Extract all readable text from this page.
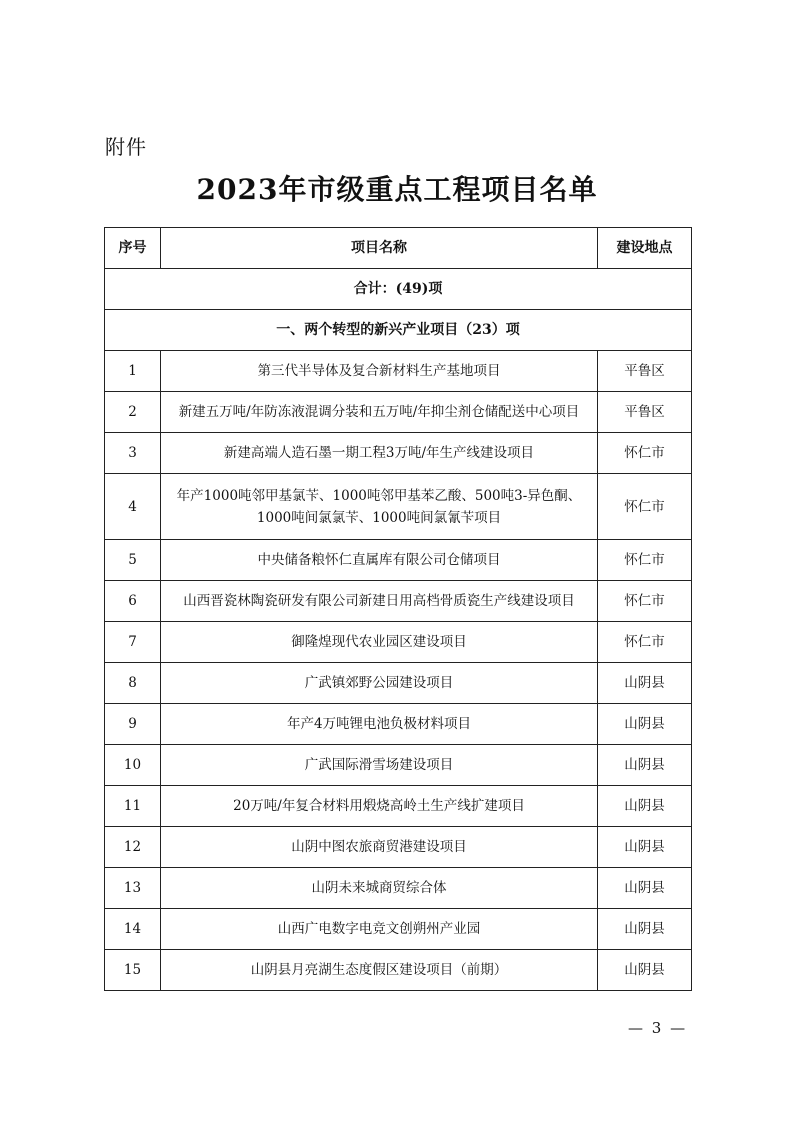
附件
2023年市级重点工程项目名单
序号	项目名称	建设地点
合计：(49)项		
一、两个转型的新兴产业项目（23）项		
1	第三代半导体及复合新材料生产基地项目	平鲁区
2	新建五万吨/年防冻液混调分装和五万吨/年抑尘剂仓储配送中心项目	平鲁区
3	新建高端人造石墨一期工程3万吨/年生产线建设项目	怀仁市
4	年产1000吨邻甲基氯苄、1000吨邻甲基苯乙酸、500吨3-异色酮、1000吨间氯氯苄、1000吨间氯氰苄项目	怀仁市
5	中央储备粮怀仁直属库有限公司仓储项目	怀仁市
6	山西晋瓷林陶瓷研发有限公司新建日用高档骨质瓷生产线建设项目	怀仁市
7	御隆煌现代农业园区建设项目	怀仁市
8	广武镇郊野公园建设项目	山阴县
9	年产4万吨锂电池负极材料项目	山阴县
10	广武国际滑雪场建设项目	山阴县
11	20万吨/年复合材料用煅烧高岭土生产线扩建项目	山阴县
12	山阴中图农旅商贸港建设项目	山阴县
13	山阴未来城商贸综合体	山阴县
14	山西广电数字电竞文创朔州产业园	山阴县
15	山阴县月亮湖生态度假区建设项目（前期）	山阴县
— 3 —
